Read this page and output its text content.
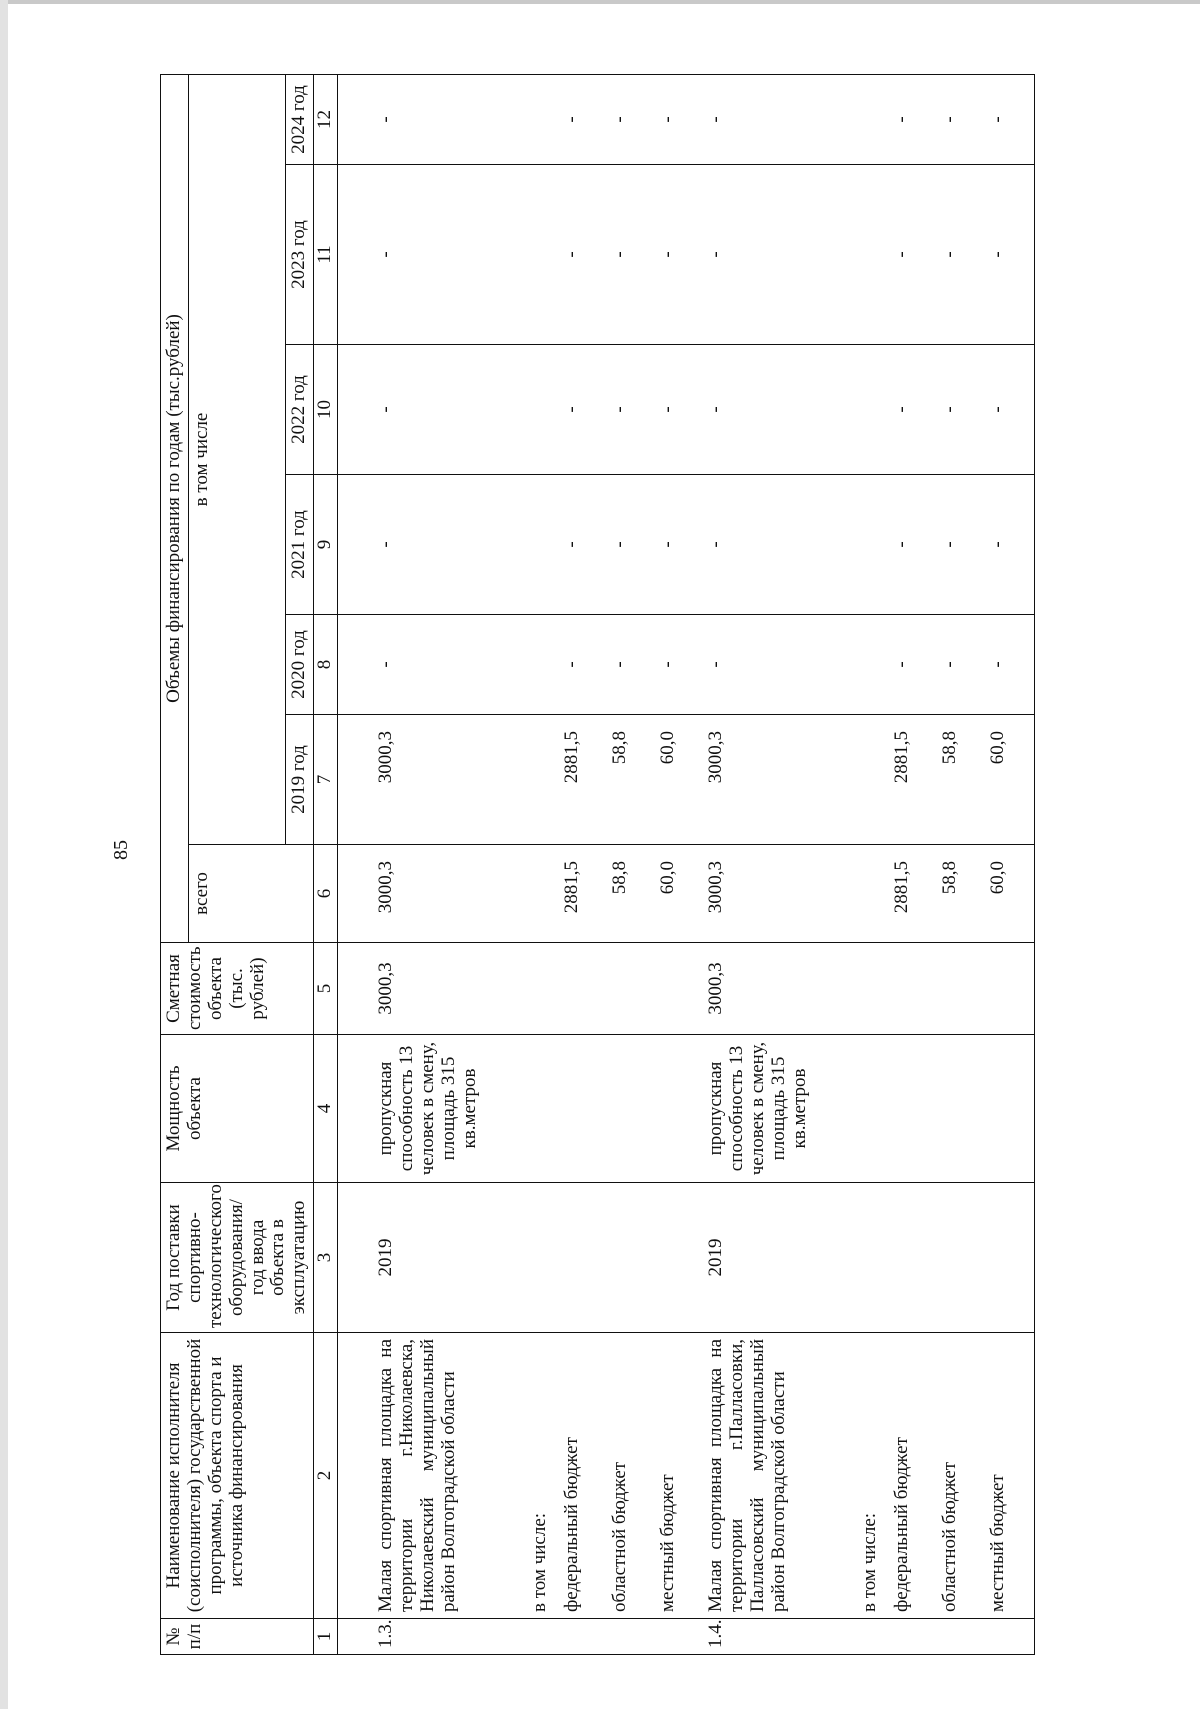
85
№ п/п	Наименование исполнителя (соисполнителя) государственной программы, объекта спорта и источника финансирования	Год поставки спортивно-технологического оборудования/ год ввода объекта в эксплуатацию	Мощность объекта	Сметная стоимость объекта (тыс. рублей)	Объемы финансирования по годам (тыс.рублей)						
					всего	в том числе					
						2019 год	2020 год	2021 год	2022 год	2023 год	2024 год
1	2	3	4	5	6	7	8	9	10	11	12

1.3.	Малая спортивная площадка на территории г.Николаевска, Николаевский муниципальный район Волгоградской области	2019	пропускная способность 13 человек в смену, площадь 315 кв.метров	3000,3	3000,3	3000,3	-	-	-	-	-
	в том числе:										
	федеральный бюджет				2881,5	2881,5	-	-	-	-	-
	областной бюджет				58,8	58,8	-	-	-	-	-
	местный бюджет				60,0	60,0	-	-	-	-	-
1.4.	Малая спортивная площадка на территории г.Палласовки, Палласовский муниципальный район Волгоградской области	2019	пропускная способность 13 человек в смену, площадь 315 кв.метров	3000,3	3000,3	3000,3	-	-	-	-	-
	в том числе:										
	федеральный бюджет				2881,5	2881,5	-	-	-	-	-
	областной бюджет				58,8	58,8	-	-	-	-	-
	местный бюджет				60,0	60,0	-	-	-	-	-
